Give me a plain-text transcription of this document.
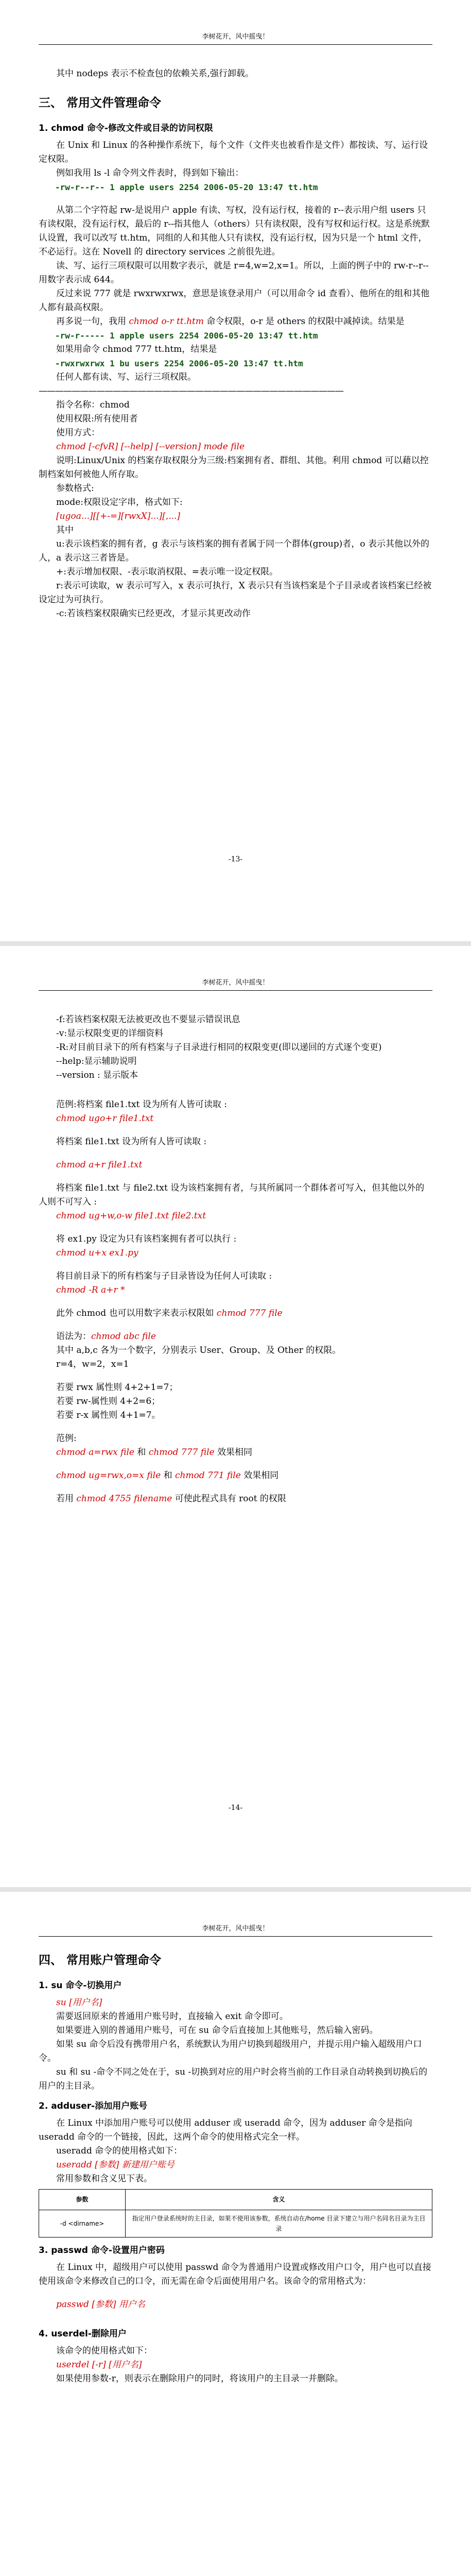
李树花开，风中摇曳！

其中 nodeps 表示不检查包的依赖关系,强行卸载。

三、 常用文件管理命令
1. chmod 命令-修改文件或目录的访问权限

在 Unix 和 Linux 的各种操作系统下，每个文件（文件夹也被看作是文件）都按读、写、运行设定权限。

例如我用 ls -l 命令列文件表时，得到如下输出：

-rw-r--r-- 1 apple users 2254 2006-05-20 13:47 tt.htm

从第二个字符起 rw-是说用户 apple 有读、写权，没有运行权，接着的 r--表示用户组 users 只有读权限，没有运行权，最后的 r--指其他人（others）只有读权限，没有写权和运行权。这是系统默认设置，我可以改写 tt.htm，同组的人和其他人只有读权，没有运行权，因为只是一个 html 文件，不必运行。这在 Novell 的 directory services 之前很先进。

读、写、运行三项权限可以用数字表示，就是 r=4,w=2,x=1。所以，上面的例子中的 rw-r--r--用数字表示成 644。

反过来说 777 就是 rwxrwxrwx，意思是该登录用户（可以用命令 id 查看）、他所在的组和其他人都有最高权限。

再多说一句，我用 chmod o-r tt.htm 命令权限，o-r 是 others 的权限中减掉读。结果是

-rw-r----- 1 apple users 2254 2006-05-20 13:47 tt.htm

如果用命令 chmod 777 tt.htm，结果是

-rwxrwxrwx 1 bu users 2254 2006-05-20 13:47 tt.htm

任何人都有读、写、运行三项权限。

—————————————————————————————————————

指令名称：chmod

使用权限:所有使用者

使用方式：

chmod [-cfvR] [--help] [--version] mode file

说明:Linux/Unix 的档案存取权限分为三级:档案拥有者、群组、其他。利用 chmod 可以藉以控制档案如何被他人所存取。

参数格式:

mode:权限设定字串，格式如下:

[ugoa...][[+-=][rwxX]...][,...]

其中

u:表示该档案的拥有者，g 表示与该档案的拥有者属于同一个群体(group)者，o 表示其他以外的人，a 表示这三者皆是。

+:表示增加权限、-表示取消权限、=表示唯一设定权限。

r:表示可读取，w 表示可写入，x 表示可执行，X 表示只有当该档案是个子目录或者该档案已经被设定过为可执行。

-c:若该档案权限确实已经更改，才显示其更改动作

-13-
李树花开，风中摇曳！

-f:若该档案权限无法被更改也不要显示错误讯息

-v:显示权限变更的详细资料

-R:对目前目录下的所有档案与子目录进行相同的权限变更(即以递回的方式逐个变更)

--help:显示辅助说明

--version : 显示版本

范例:将档案 file1.txt 设为所有人皆可读取 :

chmod ugo+r file1.txt

将档案 file1.txt 设为所有人皆可读取 :

chmod a+r file1.txt

将档案 file1.txt 与 file2.txt 设为该档案拥有者，与其所属同一个群体者可写入，但其他以外的人则不可写入 :

chmod ug+w,o-w file1.txt file2.txt

将 ex1.py 设定为只有该档案拥有者可以执行 :

chmod u+x ex1.py

将目前目录下的所有档案与子目录皆设为任何人可读取 :

chmod -R a+r *

此外 chmod 也可以用数字来表示权限如 chmod 777 file

语法为：chmod abc file

其中 a,b,c 各为一个数字，分别表示 User、Group、及 Other 的权限。

r=4，w=2，x=1

若要 rwx 属性则 4+2+1=7；

若要 rw-属性则 4+2=6；

若要 r-x 属性则 4+1=7。

范例:

chmod a=rwx file 和 chmod 777 file 效果相同

chmod ug=rwx,o=x file 和 chmod 771 file 效果相同

若用 chmod 4755 filename 可使此程式具有 root 的权限

-14-
李树花开，风中摇曳！
四、 常用账户管理命令
1. su 命令-切换用户

su [用户名]

需要返回原来的普通用户账号时，直接输入 exit 命令即可。

如果要进入别的普通用户账号，可在 su 命令后直接加上其他账号，然后输入密码。

如果 su 命令后没有携带用户名，系统默认为用户切换到超级用户，并提示用户输入超级用户口令。

su 和 su -命令不同之处在于，su -切换到对应的用户时会将当前的工作目录自动转换到切换后的用户的主目录。

2. adduser-添加用户账号

在 Linux 中添加用户账号可以使用 adduser 或 useradd 命令，因为 adduser 命令是指向 useradd 命令的一个链接，因此，这两个命令的使用格式完全一样。

useradd 命令的使用格式如下：

useradd [参数] 新建用户账号

常用参数和含义见下表。

参数	含义
-d <dirname>	指定用户登录系统时的主目录，如果不使用该参数，系统自动在/home 目录下建立与用户名同名目录为主目录
3. passwd 命令-设置用户密码

在 Linux 中，超级用户可以使用 passwd 命令为普通用户设置或修改用户口令，用户也可以直接使用该命令来修改自己的口令，而无需在命令后面使用用户名。该命令的常用格式为：

passwd [参数] 用户名

4. userdel-删除用户

该命令的使用格式如下：

userdel [-r] [用户名]

如果使用参数-r，则表示在删除用户的同时，将该用户的主目录一并删除。
